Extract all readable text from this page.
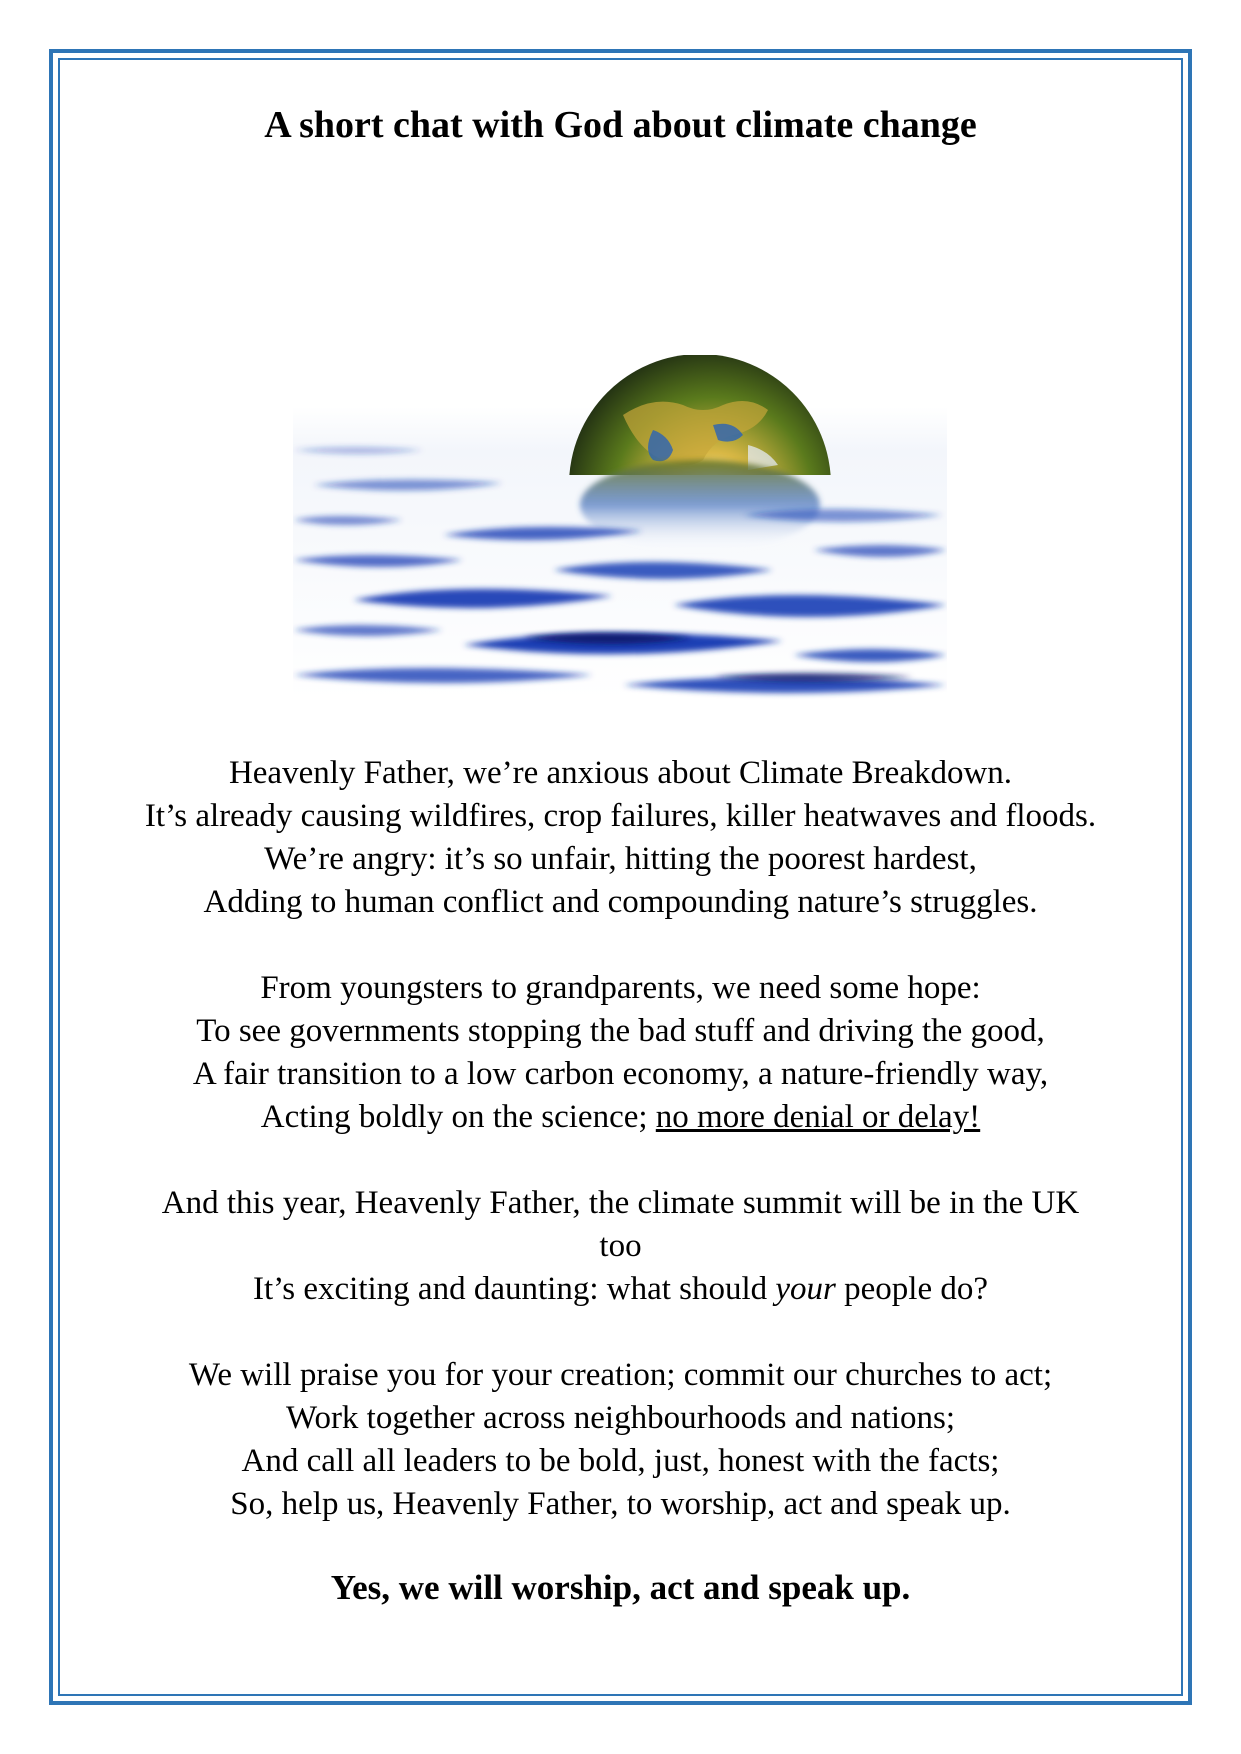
A short chat with God about climate change

Heavenly Father, we’re anxious about Climate Breakdown.
It’s already causing wildfires, crop failures, killer heatwaves and floods.
We’re angry: it’s so unfair, hitting the poorest hardest,
Adding to human conflict and compounding nature’s struggles.

From youngsters to grandparents, we need some hope:
To see governments stopping the bad stuff and driving the good,
A fair transition to a low carbon economy, a nature-friendly way,
Acting boldly on the science; no more denial or delay!

And this year, Heavenly Father, the climate summit will be in the UK
too
It’s exciting and daunting: what should your people do?

We will praise you for your creation; commit our churches to act;
Work together across neighbourhoods and nations;
And call all leaders to be bold, just, honest with the facts;
So, help us, Heavenly Father, to worship, act and speak up.

Yes, we will worship, act and speak up.
